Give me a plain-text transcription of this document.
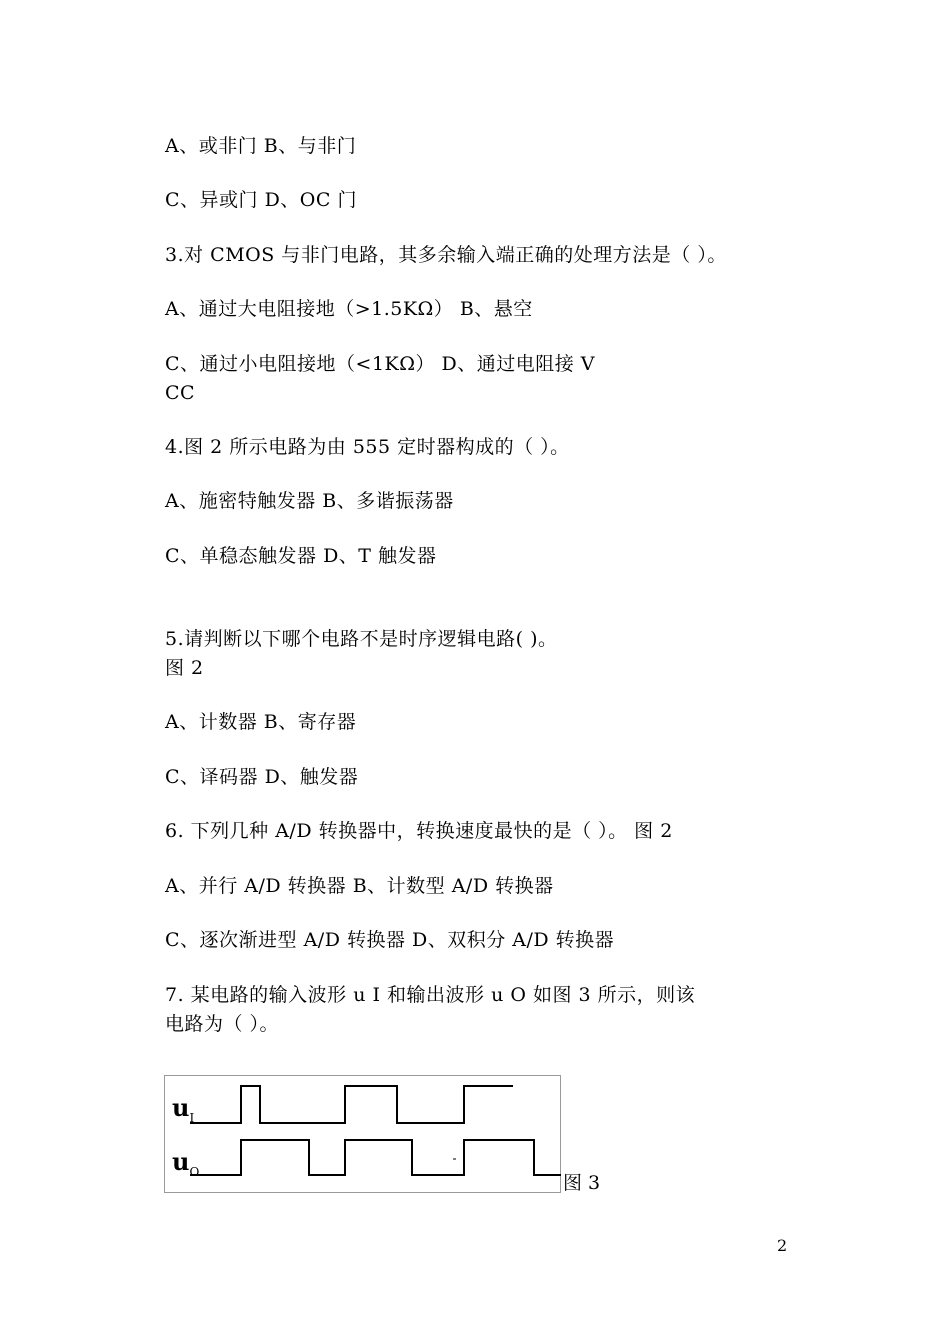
A、或非门 B、与非门
C、异或门 D、OC 门
3.对 CMOS 与非门电路，其多余输入端正确的处理方法是（ ）。
A、通过大电阻接地（>1.5KΩ） B、悬空
C、通过小电阻接地（<1KΩ） D、通过电阻接 V
CC
4.图 2 所示电路为由 555 定时器构成的（ ）。
A、施密特触发器 B、多谐振荡器
C、单稳态触发器 D、T 触发器
5.请判断以下哪个电路不是时序逻辑电路( )。
图 2
A、计数器 B、寄存器
C、译码器 D、触发器
6. 下列几种 A/D 转换器中，转换速度最快的是（ ）。 图 2
A、并行 A/D 转换器 B、计数型 A/D 转换器
C、逐次渐进型 A/D 转换器 D、双积分 A/D 转换器
7. 某电路的输入波形 u I 和输出波形 u O 如图 3 所示，则该
电路为（ ）。
$u_I$
$u_O$
图 3
2
